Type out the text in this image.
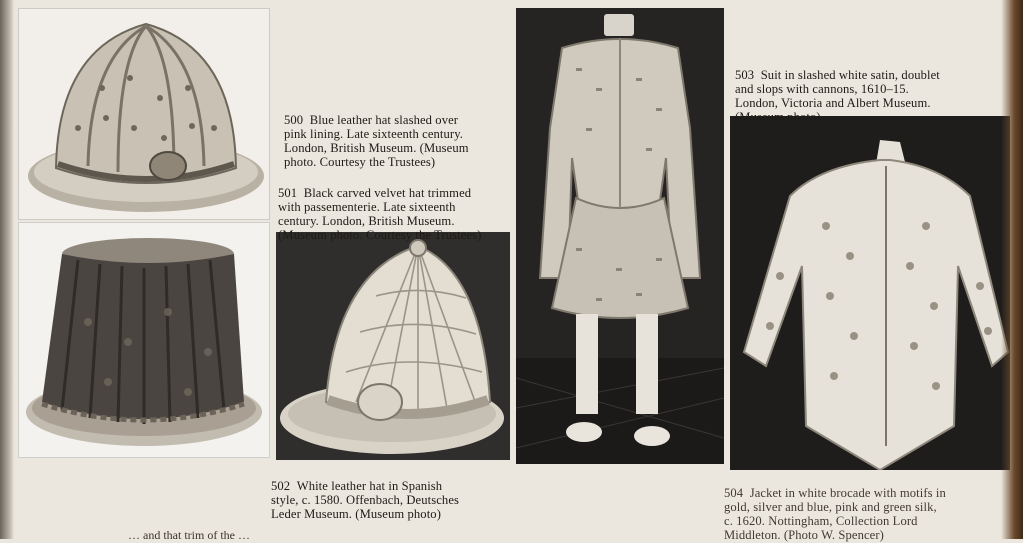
500 Blue leather hat slashed over
pink lining. Late sixteenth century.
London, British Museum. (Museum
photo. Courtesy the Trustees)

501 Black carved velvet hat trimmed
with passementerie. Late sixteenth
century. London, British Museum.
(Museum photo. Courtesy the Trustees)

502 White leather hat in Spanish
style, c. 1580. Offenbach, Deutsches
Leder Museum. (Museum photo)

503 Suit in slashed white satin, doublet
and slops with cannons, 1610–15.
London, Victoria and Albert Museum.
(Museum photo)

504 Jacket in white brocade with motifs in
gold, silver and blue, pink and green silk,
c. 1620. Nottingham, Collection Lord
Middleton. (Photo W. Spencer)

… and that trim of the …
